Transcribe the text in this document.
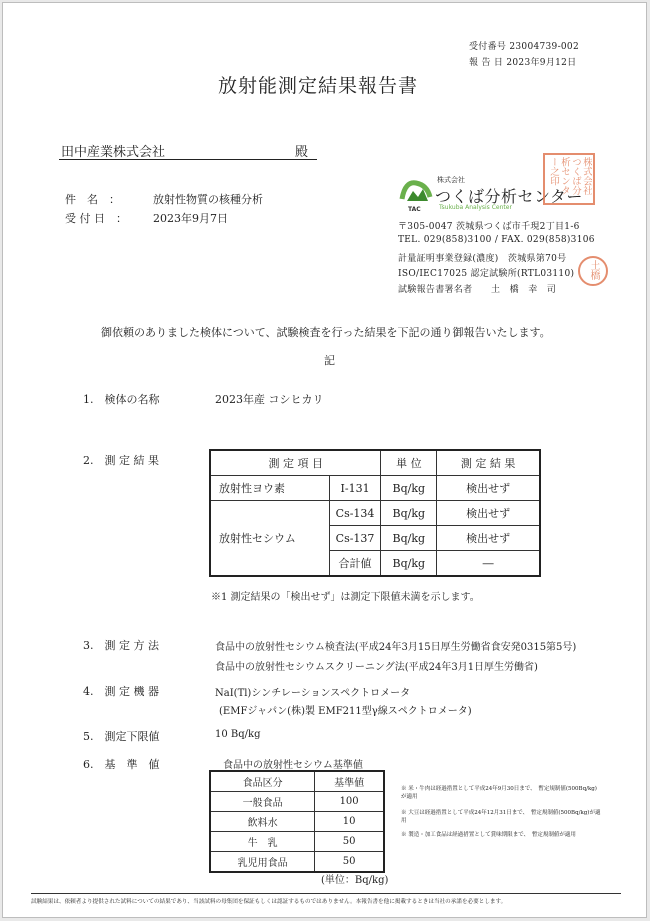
受付番号 23004739-002
報 告 日 2023年9月12日
放射能測定結果報告書
田中産業株式会社	殿
件　名　：	放射性物質の核種分析
受 付 日　： 2023年9月7日
TAC
株式会社
つくば分析センター
Tsukuba Analysis Center
〒305-0047 茨城県つくば市千現2丁目1-6
TEL. 029(858)3100 / FAX. 029(858)3106
計量証明事業登録(濃度)　茨城県第70号
ISO/IEC17025 認定試験所(RTL03110)
試験報告書署名者　　土　橋　幸　司
株式会社つくば分析センター之印
土橋
御依頼のありました検体について、試験検査を行った結果を下記の通り御報告いたします。
記
1.　検体の名称	2023年産 コシヒカリ
2.　測 定 結 果	測 定 項 目		単 位	測 定 結 果
放射性ヨウ素	I-131	Bq/kg	検出せず
放射性セシウム	Cs-134	Bq/kg	検出せず
	Cs-137	Bq/kg	検出せず
	合計値	Bq/kg	―
※1 測定結果の「検出せず」は測定下限値未満を示します。
3.　測 定 方 法	食品中の放射性セシウム検査法(平成24年3月15日厚生労働省食安発0315第5号)
食品中の放射性セシウムスクリーニング法(平成24年3月1日厚生労働省)
4.　測 定 機 器	NaI(Tl)シンチレーションスペクトロメータ
(EMFジャパン(株)製 EMF211型γ線スペクトロメータ)
5.　測定下限値	10 Bq/kg
6.　基　準　値	食品中の放射性セシウム基準値
食品区分	基準値
一般食品	100
飲料水	10
牛　乳	50
乳児用食品	50
(単位：Bq/kg)
※ 米・牛肉は経過措置として平成24年9月30日まで、　暫定規制値(500Bq/kg)が適用
※ 大豆は経過措置として平成24年12月31日まで、　暫定規制値(500Bq/kg)が適用
※ 製造・加工食品は経過措置として賞味期限まで、　暫定規制値が適用
試験結果は、依頼者より提供された試料についての結果であり、当該試料の母集団を保証もしくは認証するものではありません。本報告書を他に掲載するときは当社の承諾を必要とします。
